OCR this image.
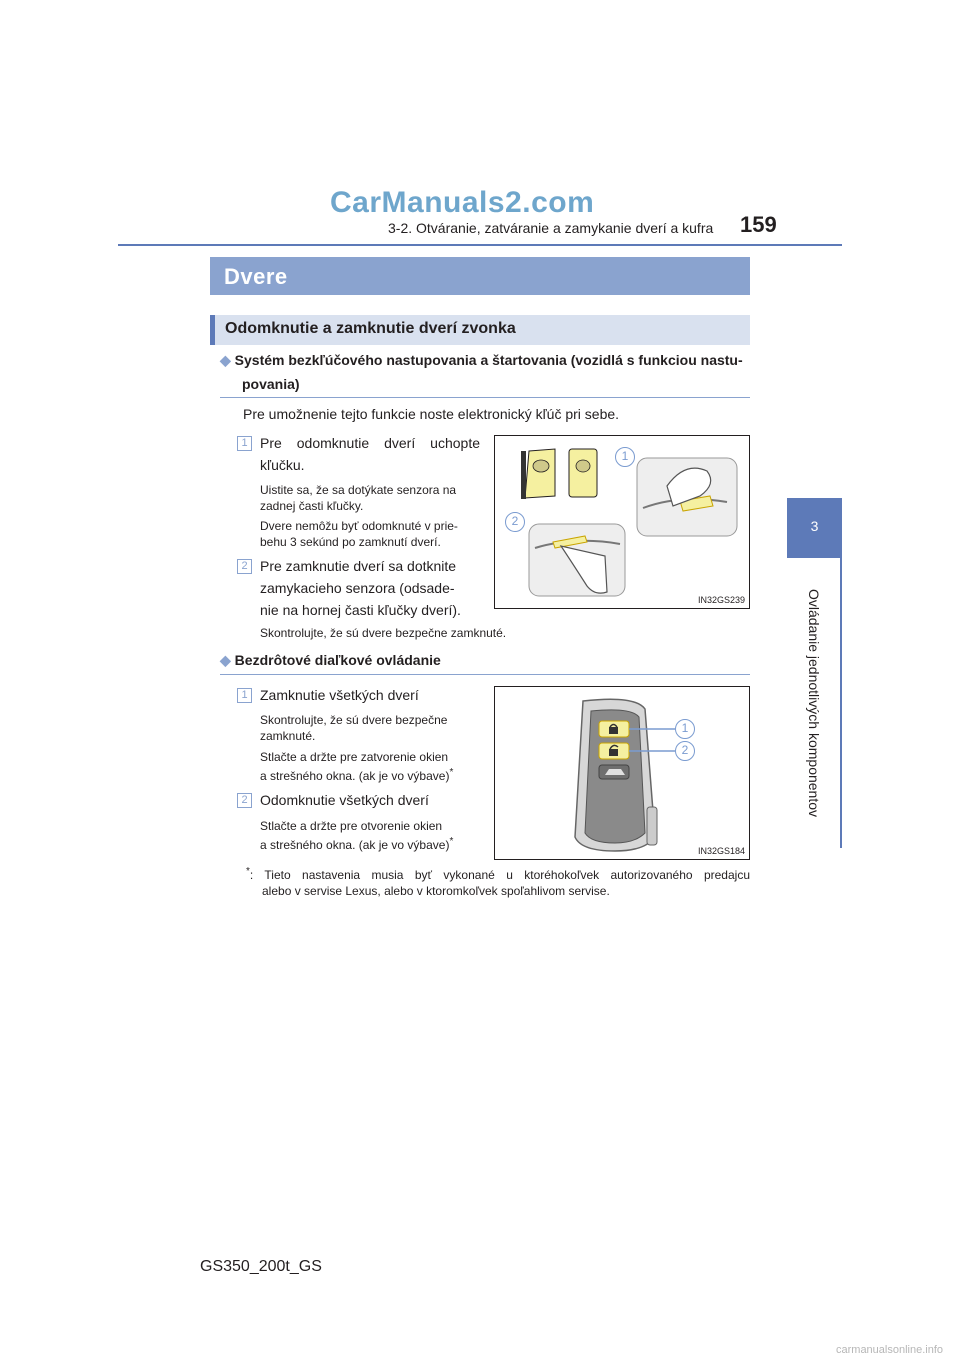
CarManuals2.com
carmanualsonline.info
3-2. Otváranie, zatváranie a zamykanie dverí a kufra 159
3
Ovládanie jednotlivých komponentov
Dvere
Odomknutie a zamknutie dverí zvonka
◆ Systém bezkľúčového nastupovania a štartovania (vozidlá s funkciou nastu-
povania)
Pre umožnenie tejto funkcie noste elektronický kľúč pri sebe.
1 Pre odomknutie dverí uchopte
kľučku.
Uistite sa, že sa dotýkate senzora na
zadnej časti kľučky.
Dvere nemôžu byť odomknuté v prie-
behu 3 sekúnd po zamknutí dverí.
2 Pre zamknutie dverí sa dotknite
zamykacieho senzora (odsade-
nie na hornej časti kľučky dverí).
Skontrolujte, že sú dvere bezpečne zamknuté.
1
2
IN32GS239
◆ Bezdrôtové diaľkové ovládanie
1 Zamknutie všetkých dverí
Skontrolujte, že sú dvere bezpečne
zamknuté.
Stlačte a držte pre zatvorenie okien
a strešného okna. (ak je vo výbave)*
2 Odomknutie všetkých dverí
Stlačte a držte pre otvorenie okien
a strešného okna. (ak je vo výbave)*
1
2
IN32GS184
*: Tieto nastavenia musia byť vykonané u ktoréhokoľvek autorizovaného predajcu
alebo v servise Lexus, alebo v ktoromkoľvek spoľahlivom servise.
GS350_200t_GS
